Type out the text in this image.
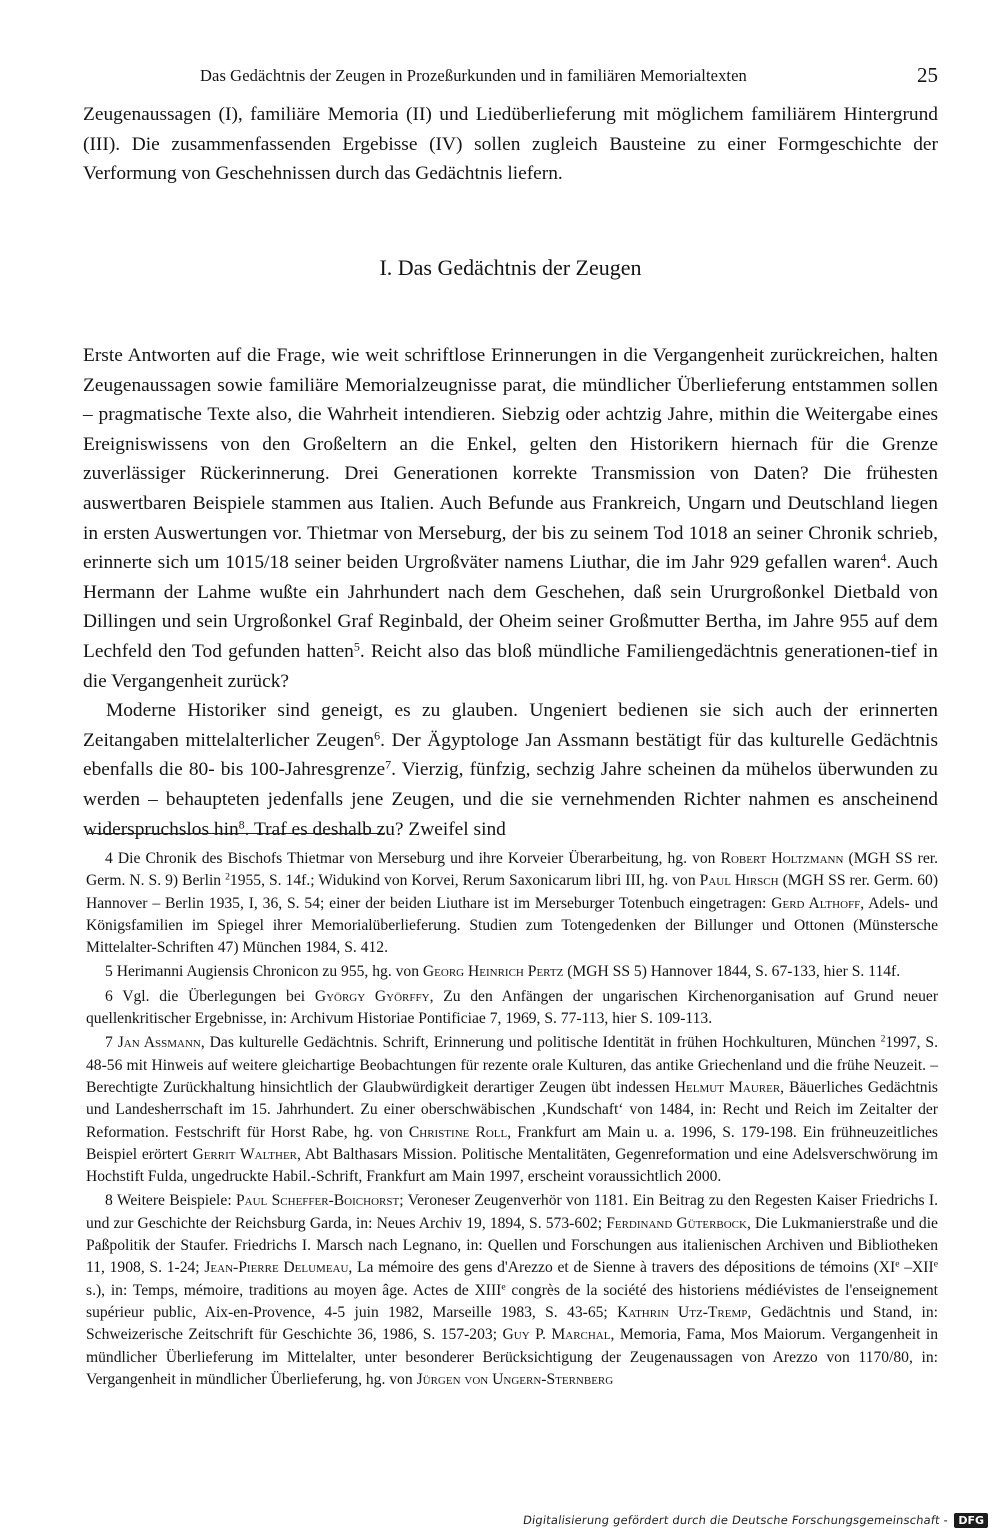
Das Gedächtnis der Zeugen in Prozeßurkunden und in familiären Memorialtexten	25

Zeugenaussagen (I), familiäre Memoria (II) und Liedüberlieferung mit möglichem familiärem Hintergrund (III). Die zusammenfassenden Ergebisse (IV) sollen zugleich Bausteine zu einer Formgeschichte der Verformung von Geschehnissen durch das Gedächtnis liefern.

I. Das Gedächtnis der Zeugen

Erste Antworten auf die Frage, wie weit schriftlose Erinnerungen in die Vergangenheit zurückreichen, halten Zeugenaussagen sowie familiäre Memorialzeugnisse parat, die mündlicher Überlieferung entstammen sollen – pragmatische Texte also, die Wahrheit intendieren. Siebzig oder achtzig Jahre, mithin die Weitergabe eines Ereigniswissens von den Großeltern an die Enkel, gelten den Historikern hiernach für die Grenze zuverlässiger Rückerinnerung. Drei Generationen korrekte Transmission von Daten? Die frühesten auswertbaren Beispiele stammen aus Italien. Auch Befunde aus Frankreich, Ungarn und Deutschland liegen in ersten Auswertungen vor. Thietmar von Merseburg, der bis zu seinem Tod 1018 an seiner Chronik schrieb, erinnerte sich um 1015/18 seiner beiden Urgroßväter namens Liuthar, die im Jahr 929 gefallen waren$^4$. Auch Hermann der Lahme wußte ein Jahrhundert nach dem Geschehen, daß sein Ururgroßonkel Dietbald von Dillingen und sein Urgroßonkel Graf Reginbald, der Oheim seiner Großmutter Bertha, im Jahre 955 auf dem Lechfeld den Tod gefunden hatten$^5$. Reicht also das bloß mündliche Familiengedächtnis generationen-tief in die Vergangenheit zurück?

Moderne Historiker sind geneigt, es zu glauben. Ungeniert bedienen sie sich auch der erinnerten Zeitangaben mittelalterlicher Zeugen$^6$. Der Ägyptologe Jan Assmann bestätigt für das kulturelle Gedächtnis ebenfalls die 80- bis 100-Jahresgrenze$^7$. Vierzig, fünfzig, sechzig Jahre scheinen da mühelos überwunden zu werden – behaupteten jedenfalls jene Zeugen, und die sie vernehmenden Richter nahmen es anscheinend widerspruchslos hin$^8$. Traf es deshalb zu? Zweifel sind

4 Die Chronik des Bischofs Thietmar von Merseburg und ihre Korveier Überarbeitung, hg. von Robert Holtzmann (MGH SS rer. Germ. N. S. 9) Berlin $^2$1955, S. 14f.; Widukind von Korvei, Rerum Saxonicarum libri III, hg. von Paul Hirsch (MGH SS rer. Germ. 60) Hannover – Berlin 1935, I, 36, S. 54; einer der beiden Liuthare ist im Merseburger Totenbuch eingetragen: Gerd Althoff, Adels- und Königsfamilien im Spiegel ihrer Memorialüberlieferung. Studien zum Totengedenken der Billunger und Ottonen (Münstersche Mittelalter-Schriften 47) München 1984, S. 412.

5 Herimanni Augiensis Chronicon zu 955, hg. von Georg Heinrich Pertz (MGH SS 5) Hannover 1844, S. 67-133, hier S. 114f.

6 Vgl. die Überlegungen bei György Györffy, Zu den Anfängen der ungarischen Kirchenorganisation auf Grund neuer quellenkritischer Ergebnisse, in: Archivum Historiae Pontificiae 7, 1969, S. 77-113, hier S. 109-113.

7 Jan Assmann, Das kulturelle Gedächtnis. Schrift, Erinnerung und politische Identität in frühen Hochkulturen, München $^2$1997, S. 48-56 mit Hinweis auf weitere gleichartige Beobachtungen für rezente orale Kulturen, das antike Griechenland und die frühe Neuzeit. – Berechtigte Zurückhaltung hinsichtlich der Glaubwürdigkeit derartiger Zeugen übt indessen Helmut Maurer, Bäuerliches Gedächtnis und Landesherrschaft im 15. Jahrhundert. Zu einer oberschwäbischen ‚Kundschaft‘ von 1484, in: Recht und Reich im Zeitalter der Reformation. Festschrift für Horst Rabe, hg. von Christine Roll, Frankfurt am Main u. a. 1996, S. 179-198. Ein frühneuzeitliches Beispiel erörtert Gerrit Walther, Abt Balthasars Mission. Politische Mentalitäten, Gegenreformation und eine Adelsverschwörung im Hochstift Fulda, ungedruckte Habil.-Schrift, Frankfurt am Main 1997, erscheint voraussichtlich 2000.

8 Weitere Beispiele: Paul Scheffer-Boichorst; Veroneser Zeugenverhör von 1181. Ein Beitrag zu den Regesten Kaiser Friedrichs I. und zur Geschichte der Reichsburg Garda, in: Neues Archiv 19, 1894, S. 573-602; Ferdinand Güterbock, Die Lukmanierstraße und die Paßpolitik der Staufer. Friedrichs I. Marsch nach Legnano, in: Quellen und Forschungen aus italienischen Archiven und Bibliotheken 11, 1908, S. 1-24; Jean-Pierre Delumeau, La mémoire des gens d'Arezzo et de Sienne à travers des dépositions de témoins (XIe –XIIe s.), in: Temps, mémoire, traditions au moyen âge. Actes de XIIIe congrès de la société des historiens médiévistes de l'enseignement supérieur public, Aix-en-Provence, 4-5 juin 1982, Marseille 1983, S. 43-65; Kathrin Utz-Tremp, Gedächtnis und Stand, in: Schweizerische Zeitschrift für Geschichte 36, 1986, S. 157-203; Guy P. Marchal, Memoria, Fama, Mos Maiorum. Vergangenheit in mündlicher Überlieferung im Mittelalter, unter besonderer Berücksichtigung der Zeugenaussagen von Arezzo von 1170/80, in: Vergangenheit in mündlicher Überlieferung, hg. von Jürgen von Ungern-Sternberg

Digitalisierung gefördert durch die Deutsche Forschungsgemeinschaft - DFG
